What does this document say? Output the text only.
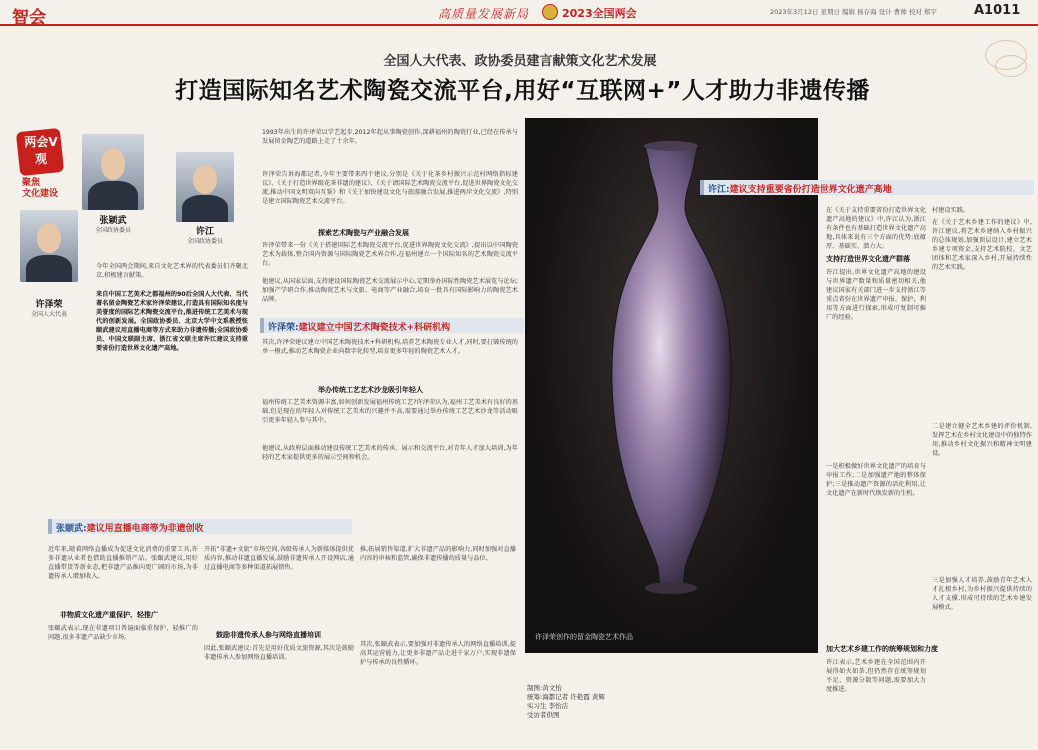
智会	高质量发展新局	2023全国两会	2023年3月12日 星期日 编辑 杨存海 设计 曹帅 校对 郑宇	A1011
全国人大代表、政协委员建言献策文化艺术发展
打造国际知名艺术陶瓷交流平台,用好“互联网+”人才助力非遗传播
两会V观
聚焦
文化建设
张颖武
全国政协委员	许江
全国政协委员
许泽荣
全国人大代表
今年全国两会期间,来自文化艺术界的代表委员们齐聚北京,积极建言献策。
来自中国工艺美术之都福州的90后全国人大代表、当代著名留金陶瓷艺术家许泽荣建议,打造具有国际知名度与美誉度的国际艺术陶瓷交流平台,推进传统工艺美术与现代的创新发展。全国政协委员、北京大学中文系教授张颐武建议用直播电商等方式来助力非遗传播;全国政协委员、中国文联副主席、浙江省文联主席许江建议支持重要省份打造世界文化遗产高地。
1993年出生的许泽荣以学艺起步,2012年起从事陶瓷创作,深耕福州的陶瓷行业,已经在传承与发展留金陶艺的道路上走了十余年。
许泽荣告诉海都记者,今年主要带来四个建议,分别是《关于化茶乡村振兴示范村网络指标建议》、《关于打造世界级花茶非遗的建议》、《关于请国际艺术陶瓷交流平台,促进世界陶瓷文化交流,推动中国文明双向互鉴》和《关于加快建设文化与旅游融合发展,推进两岸文化交流》,特别是建立国际陶瓷艺术交流平台。
探索艺术陶瓷与产业融合发展
许泽荣带来一份《关于搭建国际艺术陶瓷交流平台,促进世界陶瓷文化交流》,提出以中国陶瓷艺术为载体,整合国内资源与国际陶瓷艺术界合作,在福州建立一个国际知名的艺术陶瓷交流平台。
他建议,从国家层面,支持建设国际陶瓷艺术交流展示中心,定期举办国际性陶瓷艺术展览与论坛;加强产学研合作,推动陶瓷艺术与文旅、电商等产业融合,培育一批具有国际影响力的陶瓷艺术品牌。
许泽荣:建议建立中国艺术陶瓷技术+科研机构
其次,许泽荣建议建立中国艺术陶瓷技术+科研机构,培养艺术陶瓷专业人才,同时,要打破传统的单一模式,推动艺术陶瓷企业向数字化转型,培育更多年轻的陶瓷艺术人才。
举办传统工艺艺术沙龙吸引年轻人
福州传统工艺美术资源丰富,如何创新发展福州传统工艺?许泽荣认为,福州工艺美术有良好的基础,但是现在的年轻人对传统工艺美术的兴趣并不高,需要通过举办传统工艺艺术沙龙等活动吸引更多年轻人参与其中。
他建议,从政府层面推动建设传统工艺美术的传承、展示和交流平台,对青年人才加大培训,为年轻的艺术家提供更多的展示空间和机会。
许泽荣创作的留金陶瓷艺术作品
许江:建议支持重要省份打造世界文化遗产高地
在《关于支持重要省份打造世界文化遗产高地的建议》中,许江认为,浙江有条件也有基础打造世界文化遗产高地,具体来说有三个方面的优势:底蕴厚、基础实、潜力大。
支持打造世界文化遗产群落
许江提出,世界文化遗产高地的建设与世界遗产数量和质量密切相关,他建议国家有关部门进一步支持浙江等重点省份在世界遗产申报、保护、利用等方面进行探索,形成可复制可推广的经验。
一是积极做好世界文化遗产的培育与申报工作;二是加强遗产地的整体保护;三是推动遗产资源的活化利用,让文化遗产在新时代焕发新的生机。
加大艺术乡建工作的统筹规划和力度
许江表示,艺术乡建在全国范围内开展得如火如荼,但仍然存在统筹规划不足、资源分散等问题,需要加大力度推进。
村建设实践。
在《关于艺术乡建工作的建议》中,许江建议,将艺术乡建纳入乡村振兴的总体规划,加强顶层设计,建立艺术乡建专项资金,支持艺术院校、文艺团体和艺术家深入乡村,开展持续性的艺术实践。
二是建立健全艺术乡建的评价机制,发挥艺术在乡村文化建设中的独特作用,推动乡村文化振兴和精神文明建设。
三是加强人才培养,鼓励青年艺术人才扎根乡村,为乡村振兴提供持续的人才支撑,形成可持续的艺术乡建发展模式。
张颐武:建议用直播电商等为非遗创收
近年来,随着网络直播成为促进文化消费的重要工具,许多非遗从业者也借助直播推销产品。张颐武建议,用好直播带货等新业态,把非遗产品推向更广阔的市场,为非遗传承人增加收入。
非物质文化遗产重保护、轻推广
张颐武表示,现在非遗项目普遍面临重保护、轻推广的问题,很多非遗产品缺少市场。
开拓“非遗+文旅”市场空间,各级传承人为新媒体提供优质内容,推动非遗直播发展,鼓励非遗传承人开设网店,通过直播电商等多种渠道拓展销售。
鼓励非遗传承人参与网络直播培训
因此,张颐武建议:首先是用好优质文旅资源,其次是鼓励非遗传承人参加网络直播培训。
推,拓展销售渠道,扩大非遗产品的影响力,同时加强对直播内容的审核和监管,确保非遗传播的质量与品位。
其次,张颐武表示,要加强对非遗传承人的网络直播培训,提高其运营能力,让更多非遗产品走进千家万户,实现非遗保护与传承的良性循环。
制图:黄文怡
统筹:海都记者 许艳霞 黄辉
实习生 李怡洁
受访者供图
